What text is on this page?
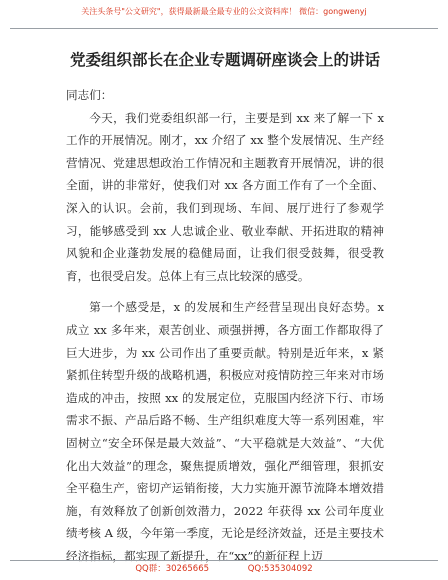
关注头条号"公文研究"，获得最新最全最专业的公文资料库！ 微信：gongwenyj
党委组织部长在企业专题调研座谈会上的讲话

同志们：

今天，我们党委组织部一行，主要是到 xx 来了解一下 x 工作的开展情况。刚才，xx 介绍了 xx 整个发展情况、生产经营情况、党建思想政治工作情况和主题教育开展情况，讲的很全面，讲的非常好，使我们对 xx 各方面工作有了一个全面、深入的认识。会前，我们到现场、车间、展厅进行了参观学习，能够感受到 xx 人忠诚企业、敬业奉献、开拓进取的精神风貌和企业蓬勃发展的稳健局面，让我们很受鼓舞，很受教育，也很受启发。总体上有三点比较深的感受。

第一个感受是，x 的发展和生产经营呈现出良好态势。x 成立 xx 多年来，艰苦创业、顽强拼搏，各方面工作都取得了巨大进步，为 xx 公司作出了重要贡献。特别是近年来，x 紧紧抓住转型升级的战略机遇，积极应对疫情防控三年来对市场造成的冲击，按照 xx 的发展定位，克服国内经济下行、市场需求不振、产品后路不畅、生产组织难度大等一系列困难，牢固树立“安全环保是最大效益”、“大平稳就是大效益”、“大优化出大效益”的理念，聚焦提质增效，强化严细管理，狠抓安全平稳生产，密切产运销衔接，大力实施开源节流降本增效措施，有效释放了创新创效潜力，2022 年获得 xx 公司年度业绩考核 A 级，今年第一季度，无论是经济效益，还是主要技术经济指标，都实现了新提升，在“xx”的新征程上迈

QQ群：30265665	QQ:535304092
